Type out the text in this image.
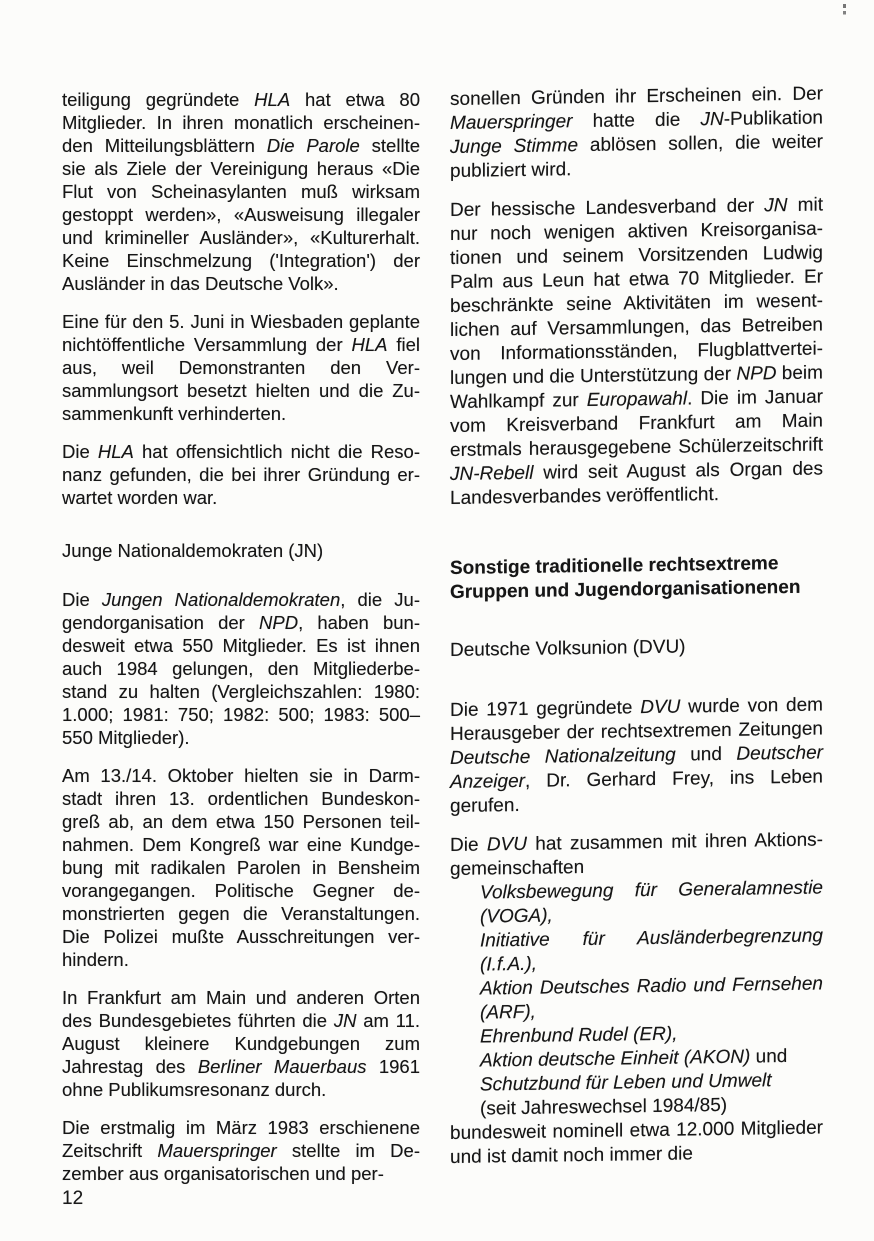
teiligung gegründete HLA hat etwa 80 Mitglieder. In ihren monatlich erscheinenden Mitteilungsblättern Die Parole stellte sie als Ziele der Vereinigung heraus «Die Flut von Scheinasylanten muß wirksam gestoppt werden», «Ausweisung illegaler und krimineller Ausländer», «Kulturerhalt. Keine Einschmelzung ('Integration') der Ausländer in das Deutsche Volk».

Eine für den 5. Juni in Wiesbaden geplante nichtöffentliche Versammlung der HLA fiel aus, weil Demonstranten den Versammlungsort besetzt hielten und die Zusammenkunft verhinderten.

Die HLA hat offensichtlich nicht die Resonanz gefunden, die bei ihrer Gründung erwartet worden war.

Junge Nationaldemokraten (JN)

Die Jungen Nationaldemokraten, die Jugendorganisation der NPD, haben bundesweit etwa 550 Mitglieder. Es ist ihnen auch 1984 gelungen, den Mitgliederbestand zu halten (Vergleichszahlen: 1980: 1.000; 1981: 750; 1982: 500; 1983: 500–550 Mitglieder).

Am 13./14. Oktober hielten sie in Darmstadt ihren 13. ordentlichen Bundeskongreß ab, an dem etwa 150 Personen teilnahmen. Dem Kongreß war eine Kundgebung mit radikalen Parolen in Bensheim vorangegangen. Politische Gegner demonstrierten gegen die Veranstaltungen. Die Polizei mußte Ausschreitungen verhindern.

In Frankfurt am Main und anderen Orten des Bundesgebietes führten die JN am 11. August kleinere Kundgebungen zum Jahrestag des Berliner Mauerbaus 1961 ohne Publikumsresonanz durch.

Die erstmalig im März 1983 erschienene Zeitschrift Mauerspringer stellte im Dezember aus organisatorischen und per-

sonellen Gründen ihr Erscheinen ein. Der Mauerspringer hatte die JN-Publikation Junge Stimme ablösen sollen, die weiter publiziert wird.

Der hessische Landesverband der JN mit nur noch wenigen aktiven Kreisorganisationen und seinem Vorsitzenden Ludwig Palm aus Leun hat etwa 70 Mitglieder. Er beschränkte seine Aktivitäten im wesentlichen auf Versammlungen, das Betreiben von Informationsständen, Flugblattverteilungen und die Unterstützung der NPD beim Wahlkampf zur Europawahl. Die im Januar vom Kreisverband Frankfurt am Main erstmals herausgegebene Schülerzeitschrift JN-Rebell wird seit August als Organ des Landesverbandes veröffentlicht.

Sonstige traditionelle rechtsextreme Gruppen und Jugendorganisationenen

Deutsche Volksunion (DVU)

Die 1971 gegründete DVU wurde von dem Herausgeber der rechtsextremen Zeitungen Deutsche Nationalzeitung und Deutscher Anzeiger, Dr. Gerhard Frey, ins Leben gerufen.

Die DVU hat zusammen mit ihren Aktionsgemeinschaften

Volksbewegung für Generalamnestie (VOGA),

Initiative für Ausländerbegrenzung (I.f.A.),

Aktion Deutsches Radio und Fernsehen (ARF),

Ehrenbund Rudel (ER),

Aktion deutsche Einheit (AKON) und

Schutzbund für Leben und Umwelt

(seit Jahreswechsel 1984/85)

bundesweit nominell etwa 12.000 Mitglieder und ist damit noch immer die

12
